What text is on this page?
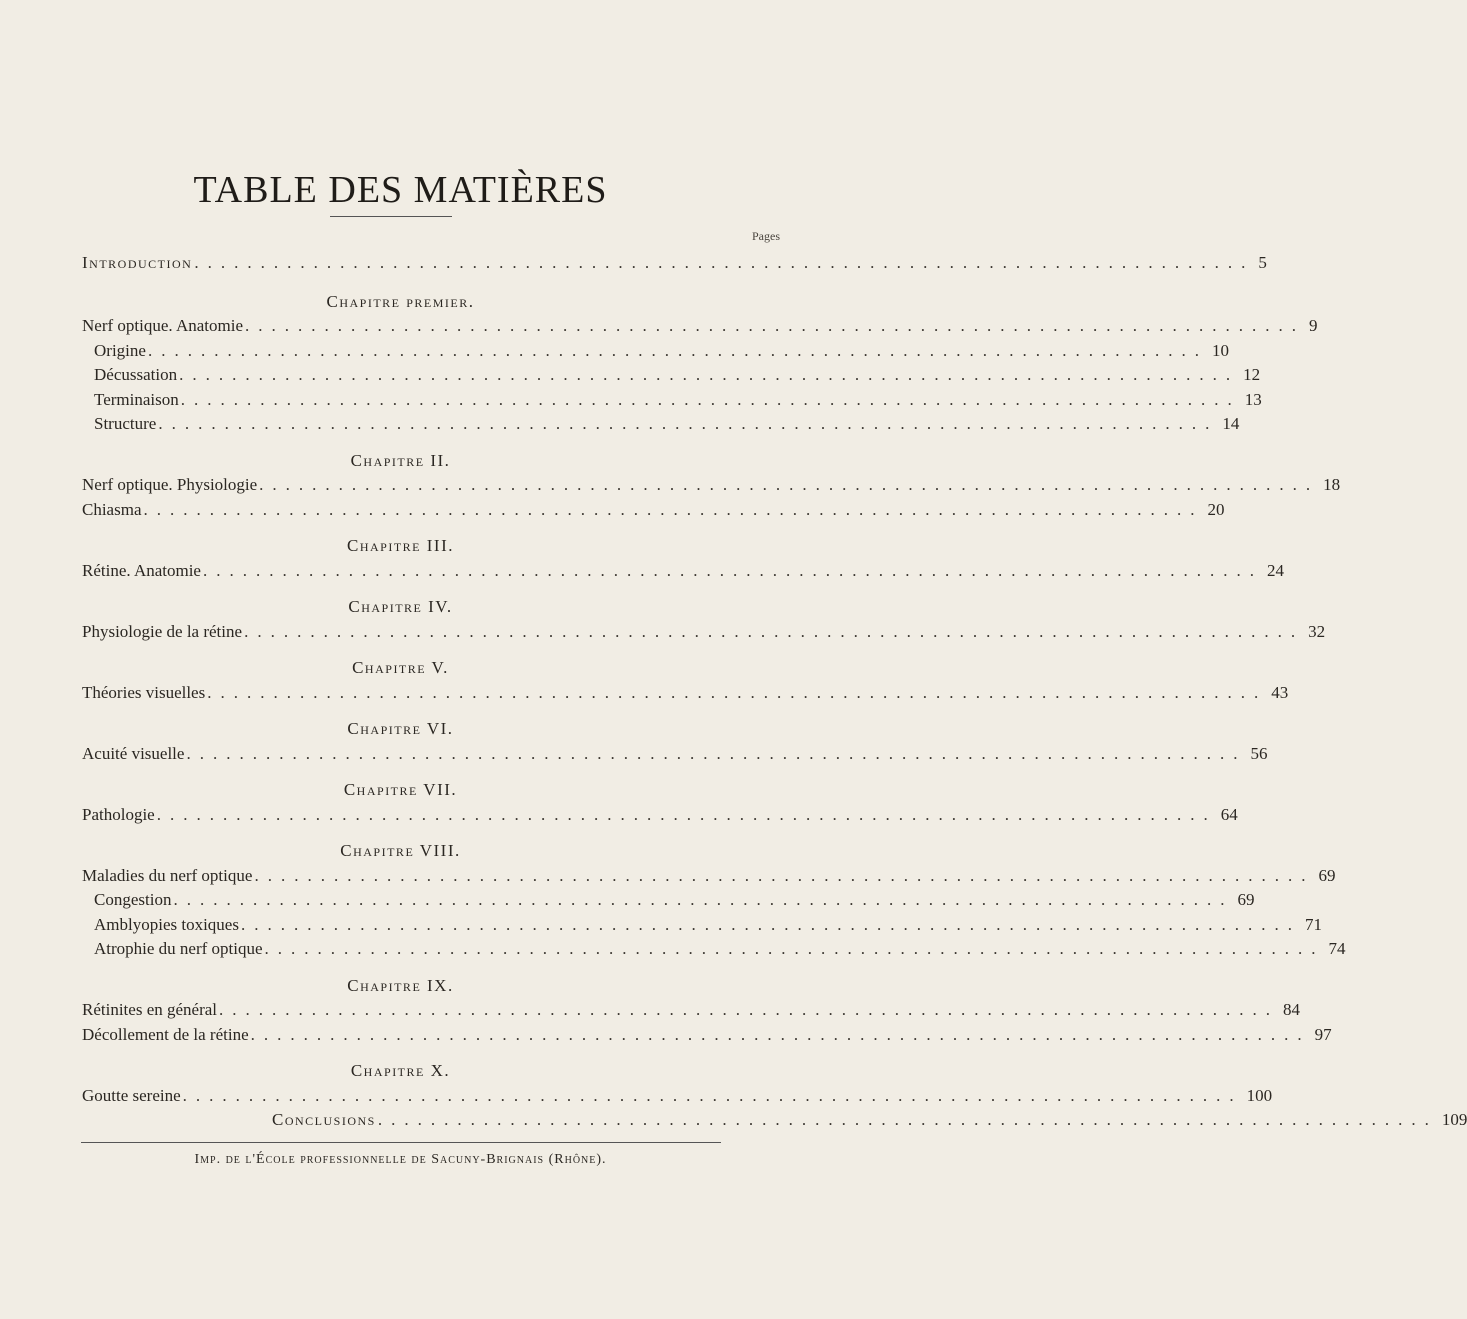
TABLE DES MATIÈRES
Pages
Introduction ................................................................................ 5
Chapitre premier.
Nerf optique. Anatomie ................................................................................ 9
Origine ................................................................................ 10
Décussation ................................................................................ 12
Terminaison ................................................................................ 13
Structure ................................................................................ 14
Chapitre II.
Nerf optique. Physiologie ................................................................................ 18
Chiasma ................................................................................ 20
Chapitre III.
Rétine. Anatomie ................................................................................ 24
Chapitre IV.
Physiologie de la rétine ................................................................................ 32
Chapitre V.
Théories visuelles ................................................................................ 43
Chapitre VI.
Acuité visuelle ................................................................................ 56
Chapitre VII.
Pathologie ................................................................................ 64
Chapitre VIII.
Maladies du nerf optique ................................................................................ 69
Congestion ................................................................................ 69
Amblyopies toxiques ................................................................................ 71
Atrophie du nerf optique ................................................................................ 74
Chapitre IX.
Rétinites en général ................................................................................ 84
Décollement de la rétine ................................................................................ 97
Chapitre X.
Goutte sereine ................................................................................ 100
Conclusions ................................................................................ 109
Imp. de l'École professionnelle de Sacuny-Brignais (Rhône).
